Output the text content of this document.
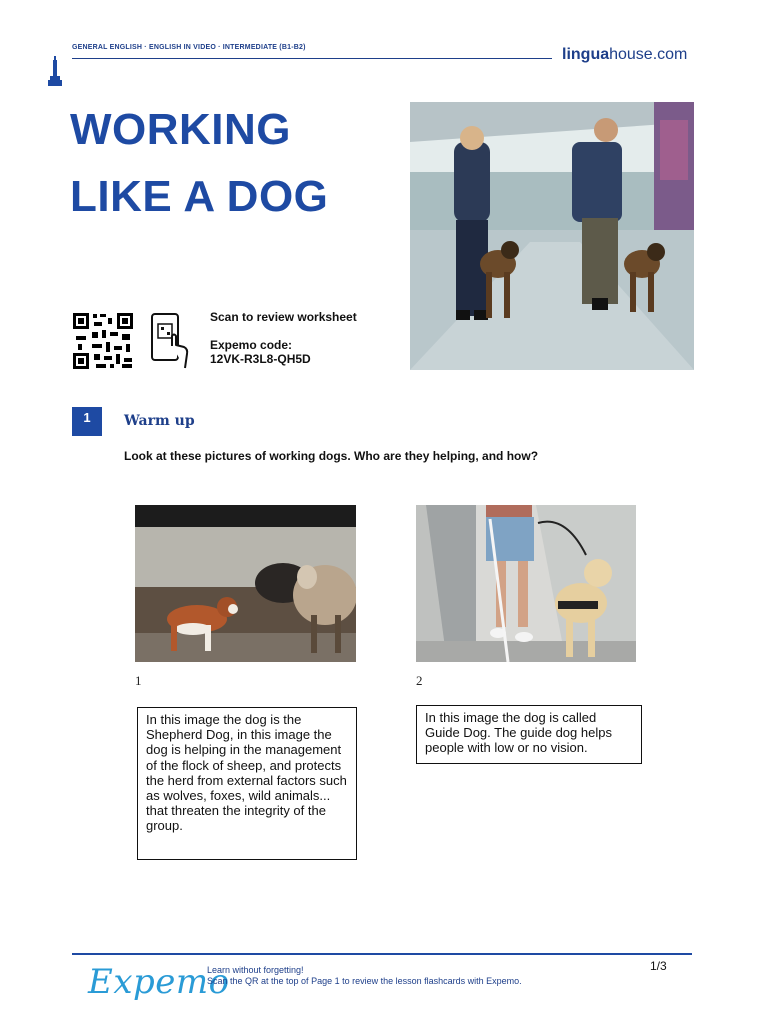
GENERAL ENGLISH · ENGLISH IN VIDEO · INTERMEDIATE (B1-B2)	linguahouse.com
WORKING
LIKE A DOG
Scan to review worksheet
Expemo code:
12VK-R3L8-QH5D
1	Warm up
Look at these pictures of working dogs. Who are they helping, and how?
1	2
In this image the dog is the Shepherd Dog, in this image the dog is helping in the management of the flock of sheep, and protects the herd from external factors such as wolves, foxes, wild animals... that threaten the integrity of the group.
In this image the dog is called Guide Dog. The guide dog helps people with low or no vision.
Expemo
Learn without forgetting!
Scan the QR at the top of Page 1 to review the lesson flashcards with Expemo.
1/3
